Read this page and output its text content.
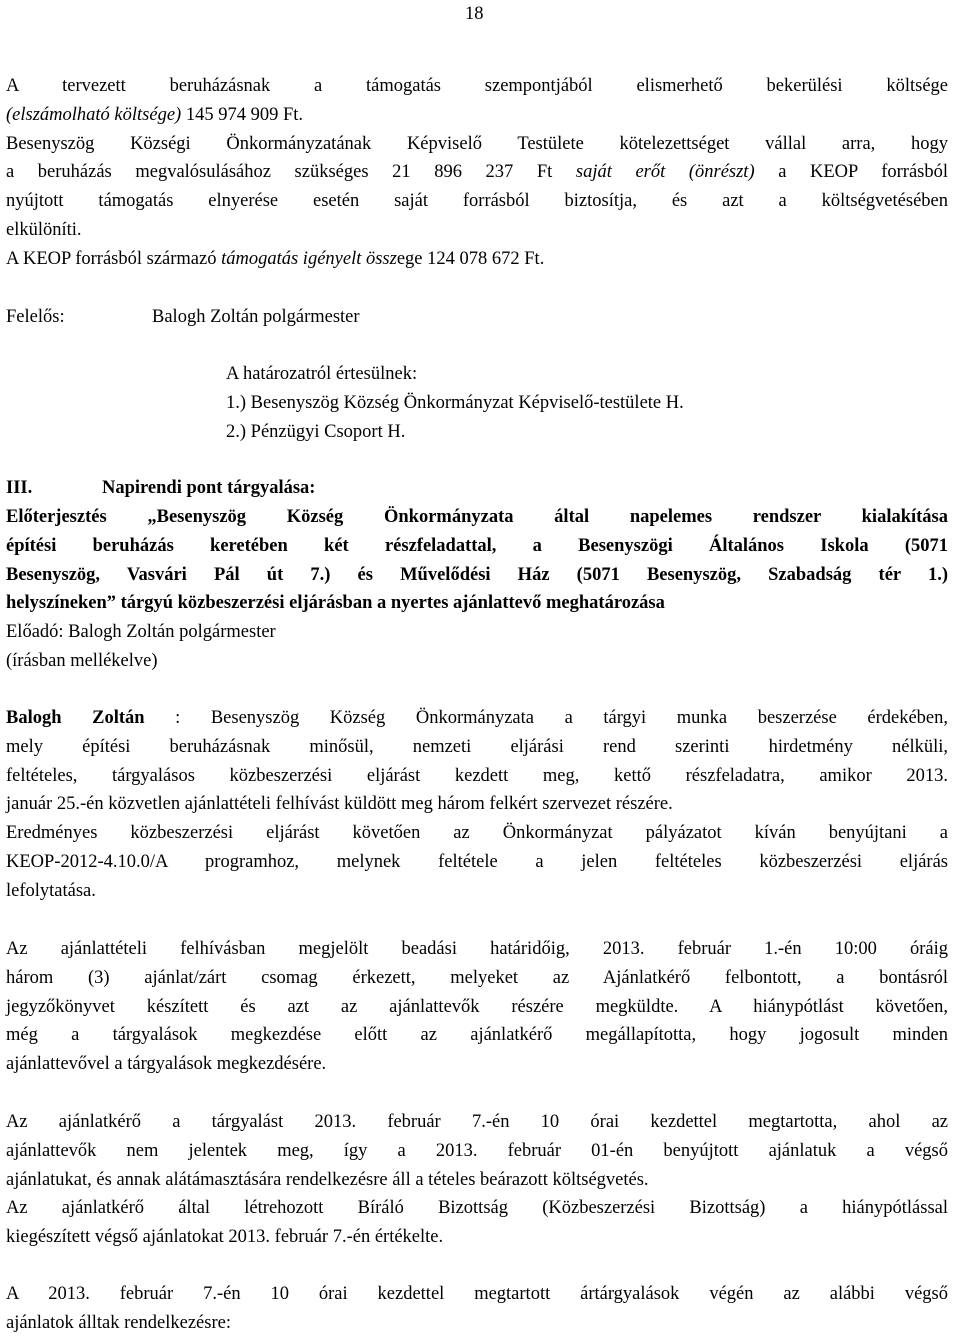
18
A tervezett beruházásnak a támogatás szempontjából elismerhető bekerülési költsége
(elszámolható költsége) 145 974 909 Ft.
Besenyszög Községi Önkormányzatának Képviselő Testülete kötelezettséget vállal arra, hogy
a beruházás megvalósulásához szükséges 21 896 237 Ft saját erőt (önrészt) a KEOP forrásból
nyújtott támogatás elnyerése esetén saját forrásból biztosítja, és azt a költségvetésében
elkülöníti.
A KEOP forrásból származó támogatás igényelt összege 124 078 672 Ft.
Felelős:	Balogh Zoltán polgármester
A határozatról értesülnek:
1.) Besenyszög Község Önkormányzat Képviselő-testülete H.
2.) Pénzügyi Csoport H.
III.	Napirendi pont tárgyalása:
Előterjesztés „Besenyszög Község Önkormányzata által napelemes rendszer kialakítása
építési beruházás keretében két részfeladattal, a Besenyszögi Általános Iskola (5071
Besenyszög, Vasvári Pál út 7.) és Művelődési Ház (5071 Besenyszög, Szabadság tér 1.)
helyszíneken” tárgyú közbeszerzési eljárásban a nyertes ajánlattevő meghatározása
Előadó: Balogh Zoltán polgármester
(írásban mellékelve)
Balogh Zoltán : Besenyszög Község Önkormányzata a tárgyi munka beszerzése érdekében,
mely építési beruházásnak minősül, nemzeti eljárási rend szerinti hirdetmény nélküli,
feltételes, tárgyalásos közbeszerzési eljárást kezdett meg, kettő részfeladatra, amikor 2013.
január 25.-én közvetlen ajánlattételi felhívást küldött meg három felkért szervezet részére.
Eredményes közbeszerzési eljárást követően az Önkormányzat pályázatot kíván benyújtani a
KEOP-2012-4.10.0/A programhoz, melynek feltétele a jelen feltételes közbeszerzési eljárás
lefolytatása.
Az ajánlattételi felhívásban megjelölt beadási határidőig, 2013. február 1.-én 10:00 óráig
három (3) ajánlat/zárt csomag érkezett, melyeket az Ajánlatkérő felbontott, a bontásról
jegyzőkönyvet készített és azt az ajánlattevők részére megküldte. A hiánypótlást követően,
még a tárgyalások megkezdése előtt az ajánlatkérő megállapította, hogy jogosult minden
ajánlattevővel a tárgyalások megkezdésére.
Az ajánlatkérő a tárgyalást 2013. február 7.-én 10 órai kezdettel megtartotta, ahol az
ajánlattevők nem jelentek meg, így a 2013. február 01-én benyújtott ajánlatuk a végső
ajánlatukat, és annak alátámasztására rendelkezésre áll a tételes beárazott költségvetés.
Az ajánlatkérő által létrehozott Bíráló Bizottság (Közbeszerzési Bizottság) a hiánypótlással
kiegészített végső ajánlatokat 2013. február 7.-én értékelte.
A 2013. február 7.-én 10 órai kezdettel megtartott ártárgyalások végén az alábbi végső
ajánlatok álltak rendelkezésre:
